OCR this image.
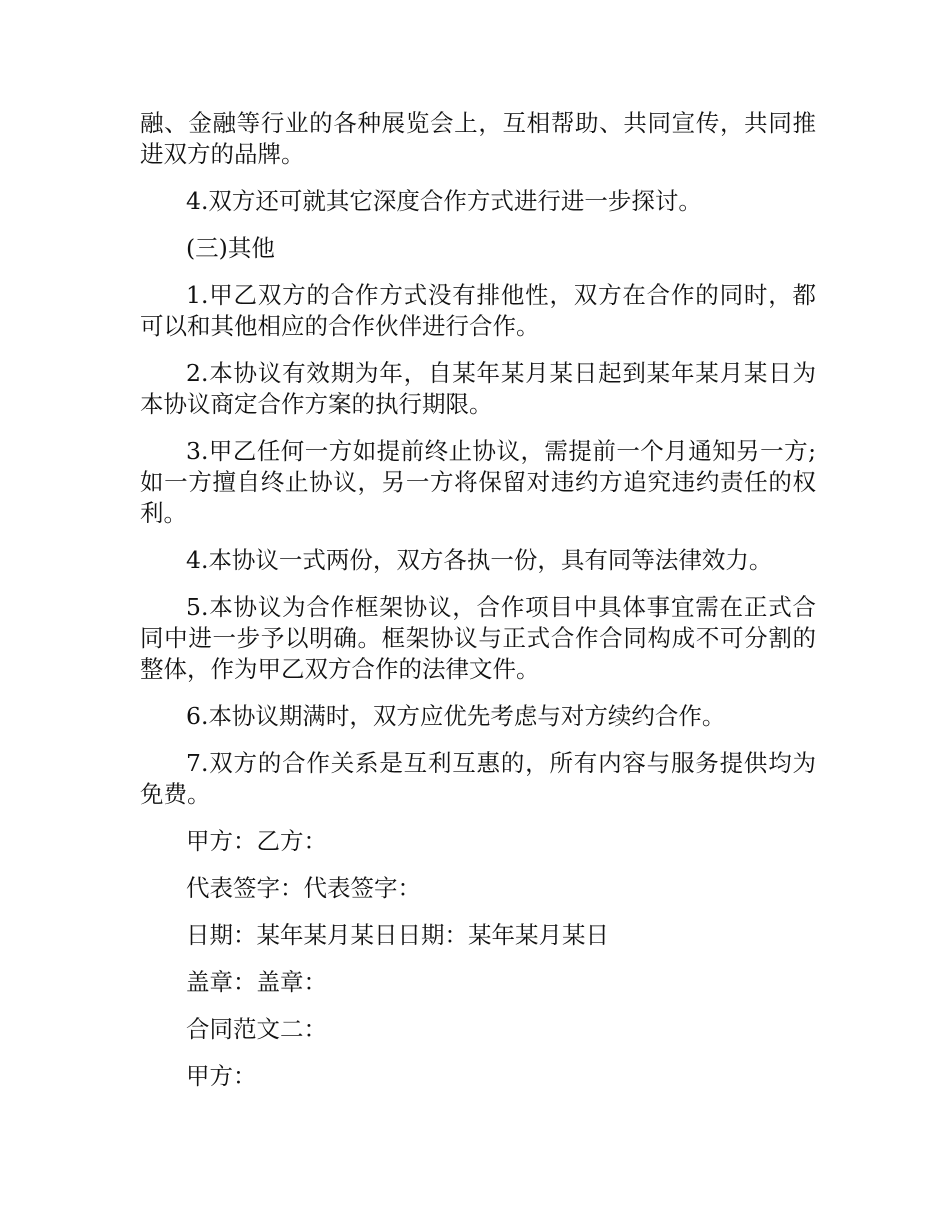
融、金融等行业的各种展览会上，互相帮助、共同宣传，共同推进双方的品牌。

4.双方还可就其它深度合作方式进行进一步探讨。

(三)其他

1.甲乙双方的合作方式没有排他性，双方在合作的同时，都可以和其他相应的合作伙伴进行合作。

2.本协议有效期为年，自某年某月某日起到某年某月某日为本协议商定合作方案的执行期限。

3.甲乙任何一方如提前终止协议，需提前一个月通知另一方;如一方擅自终止协议，另一方将保留对违约方追究违约责任的权利。

4.本协议一式两份，双方各执一份，具有同等法律效力。

5.本协议为合作框架协议，合作项目中具体事宜需在正式合同中进一步予以明确。框架协议与正式合作合同构成不可分割的整体，作为甲乙双方合作的法律文件。

6.本协议期满时，双方应优先考虑与对方续约合作。

7.双方的合作关系是互利互惠的，所有内容与服务提供均为免费。

甲方：乙方：

代表签字：代表签字：

日期：某年某月某日日期：某年某月某日

盖章：盖章：

合同范文二：

甲方：
